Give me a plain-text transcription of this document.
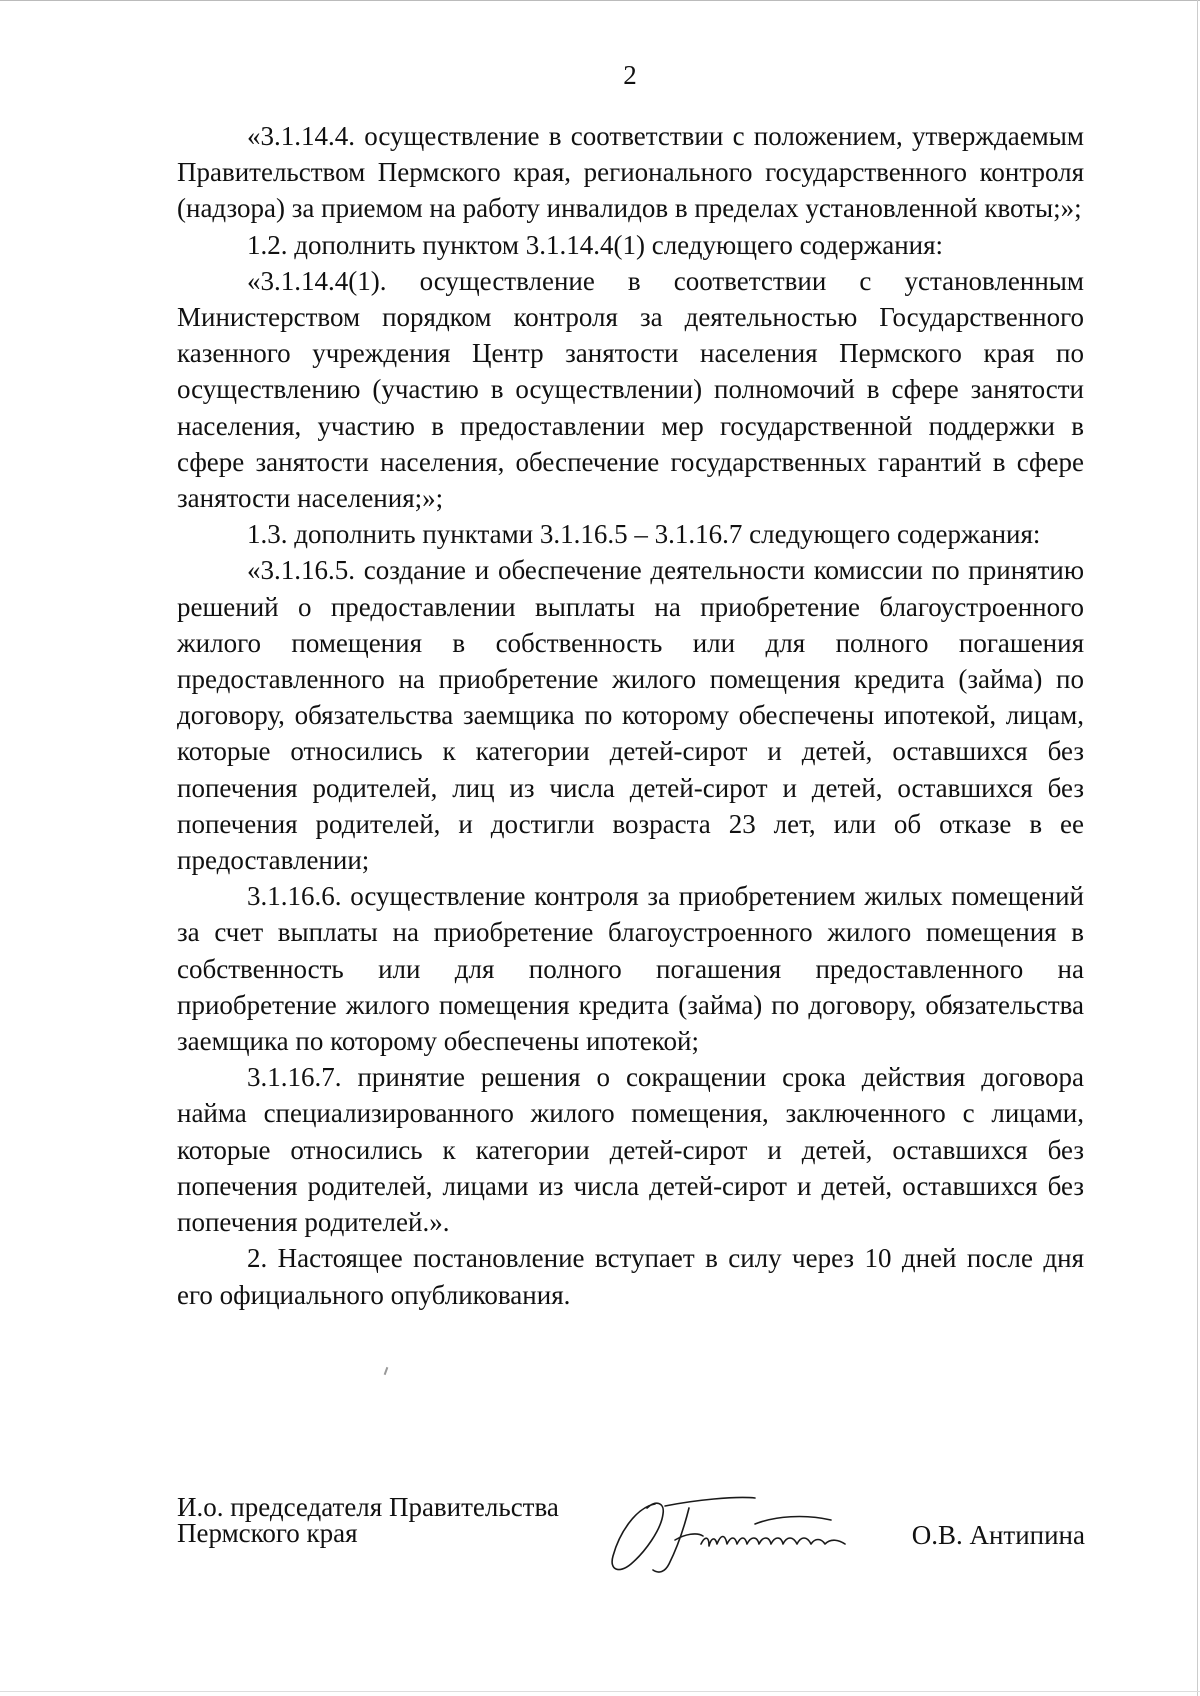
2

«3.1.14.4. осуществление в соответствии с положением, утверждаемым Правительством Пермского края, регионального государственного контроля (надзора) за приемом на работу инвалидов в пределах установленной квоты;»;

1.2. дополнить пунктом 3.1.14.4(1) следующего содержания:

«3.1.14.4(1). осуществление в соответствии с установленным Министерством порядком контроля за деятельностью Государственного казенного учреждения Центр занятости населения Пермского края по осуществлению (участию в осуществлении) полномочий в сфере занятости населения, участию в предоставлении мер государственной поддержки в сфере занятости населения, обеспечение государственных гарантий в сфере занятости населения;»;

1.3. дополнить пунктами 3.1.16.5 – 3.1.16.7 следующего содержания:

«3.1.16.5. создание и обеспечение деятельности комиссии по принятию решений о предоставлении выплаты на приобретение благоустроенного жилого помещения в собственность или для полного погашения предоставленного на приобретение жилого помещения кредита (займа) по договору, обязательства заемщика по которому обеспечены ипотекой, лицам, которые относились к категории детей-сирот и детей, оставшихся без попечения родителей, лиц из числа детей-сирот и детей, оставшихся без попечения родителей, и достигли возраста 23 лет, или об отказе в ее предоставлении;

3.1.16.6. осуществление контроля за приобретением жилых помещений за счет выплаты на приобретение благоустроенного жилого помещения в собственность или для полного погашения предоставленного на приобретение жилого помещения кредита (займа) по договору, обязательства заемщика по которому обеспечены ипотекой;

3.1.16.7. принятие решения о сокращении срока действия договора найма специализированного жилого помещения, заключенного с лицами, которые относились к категории детей-сирот и детей, оставшихся без попечения родителей, лицами из числа детей-сирот и детей, оставшихся без попечения родителей.».

2. Настоящее постановление вступает в силу через 10 дней после дня его официального опубликования.

И.о. председателя Правительства
Пермского края	О.В. Антипина
